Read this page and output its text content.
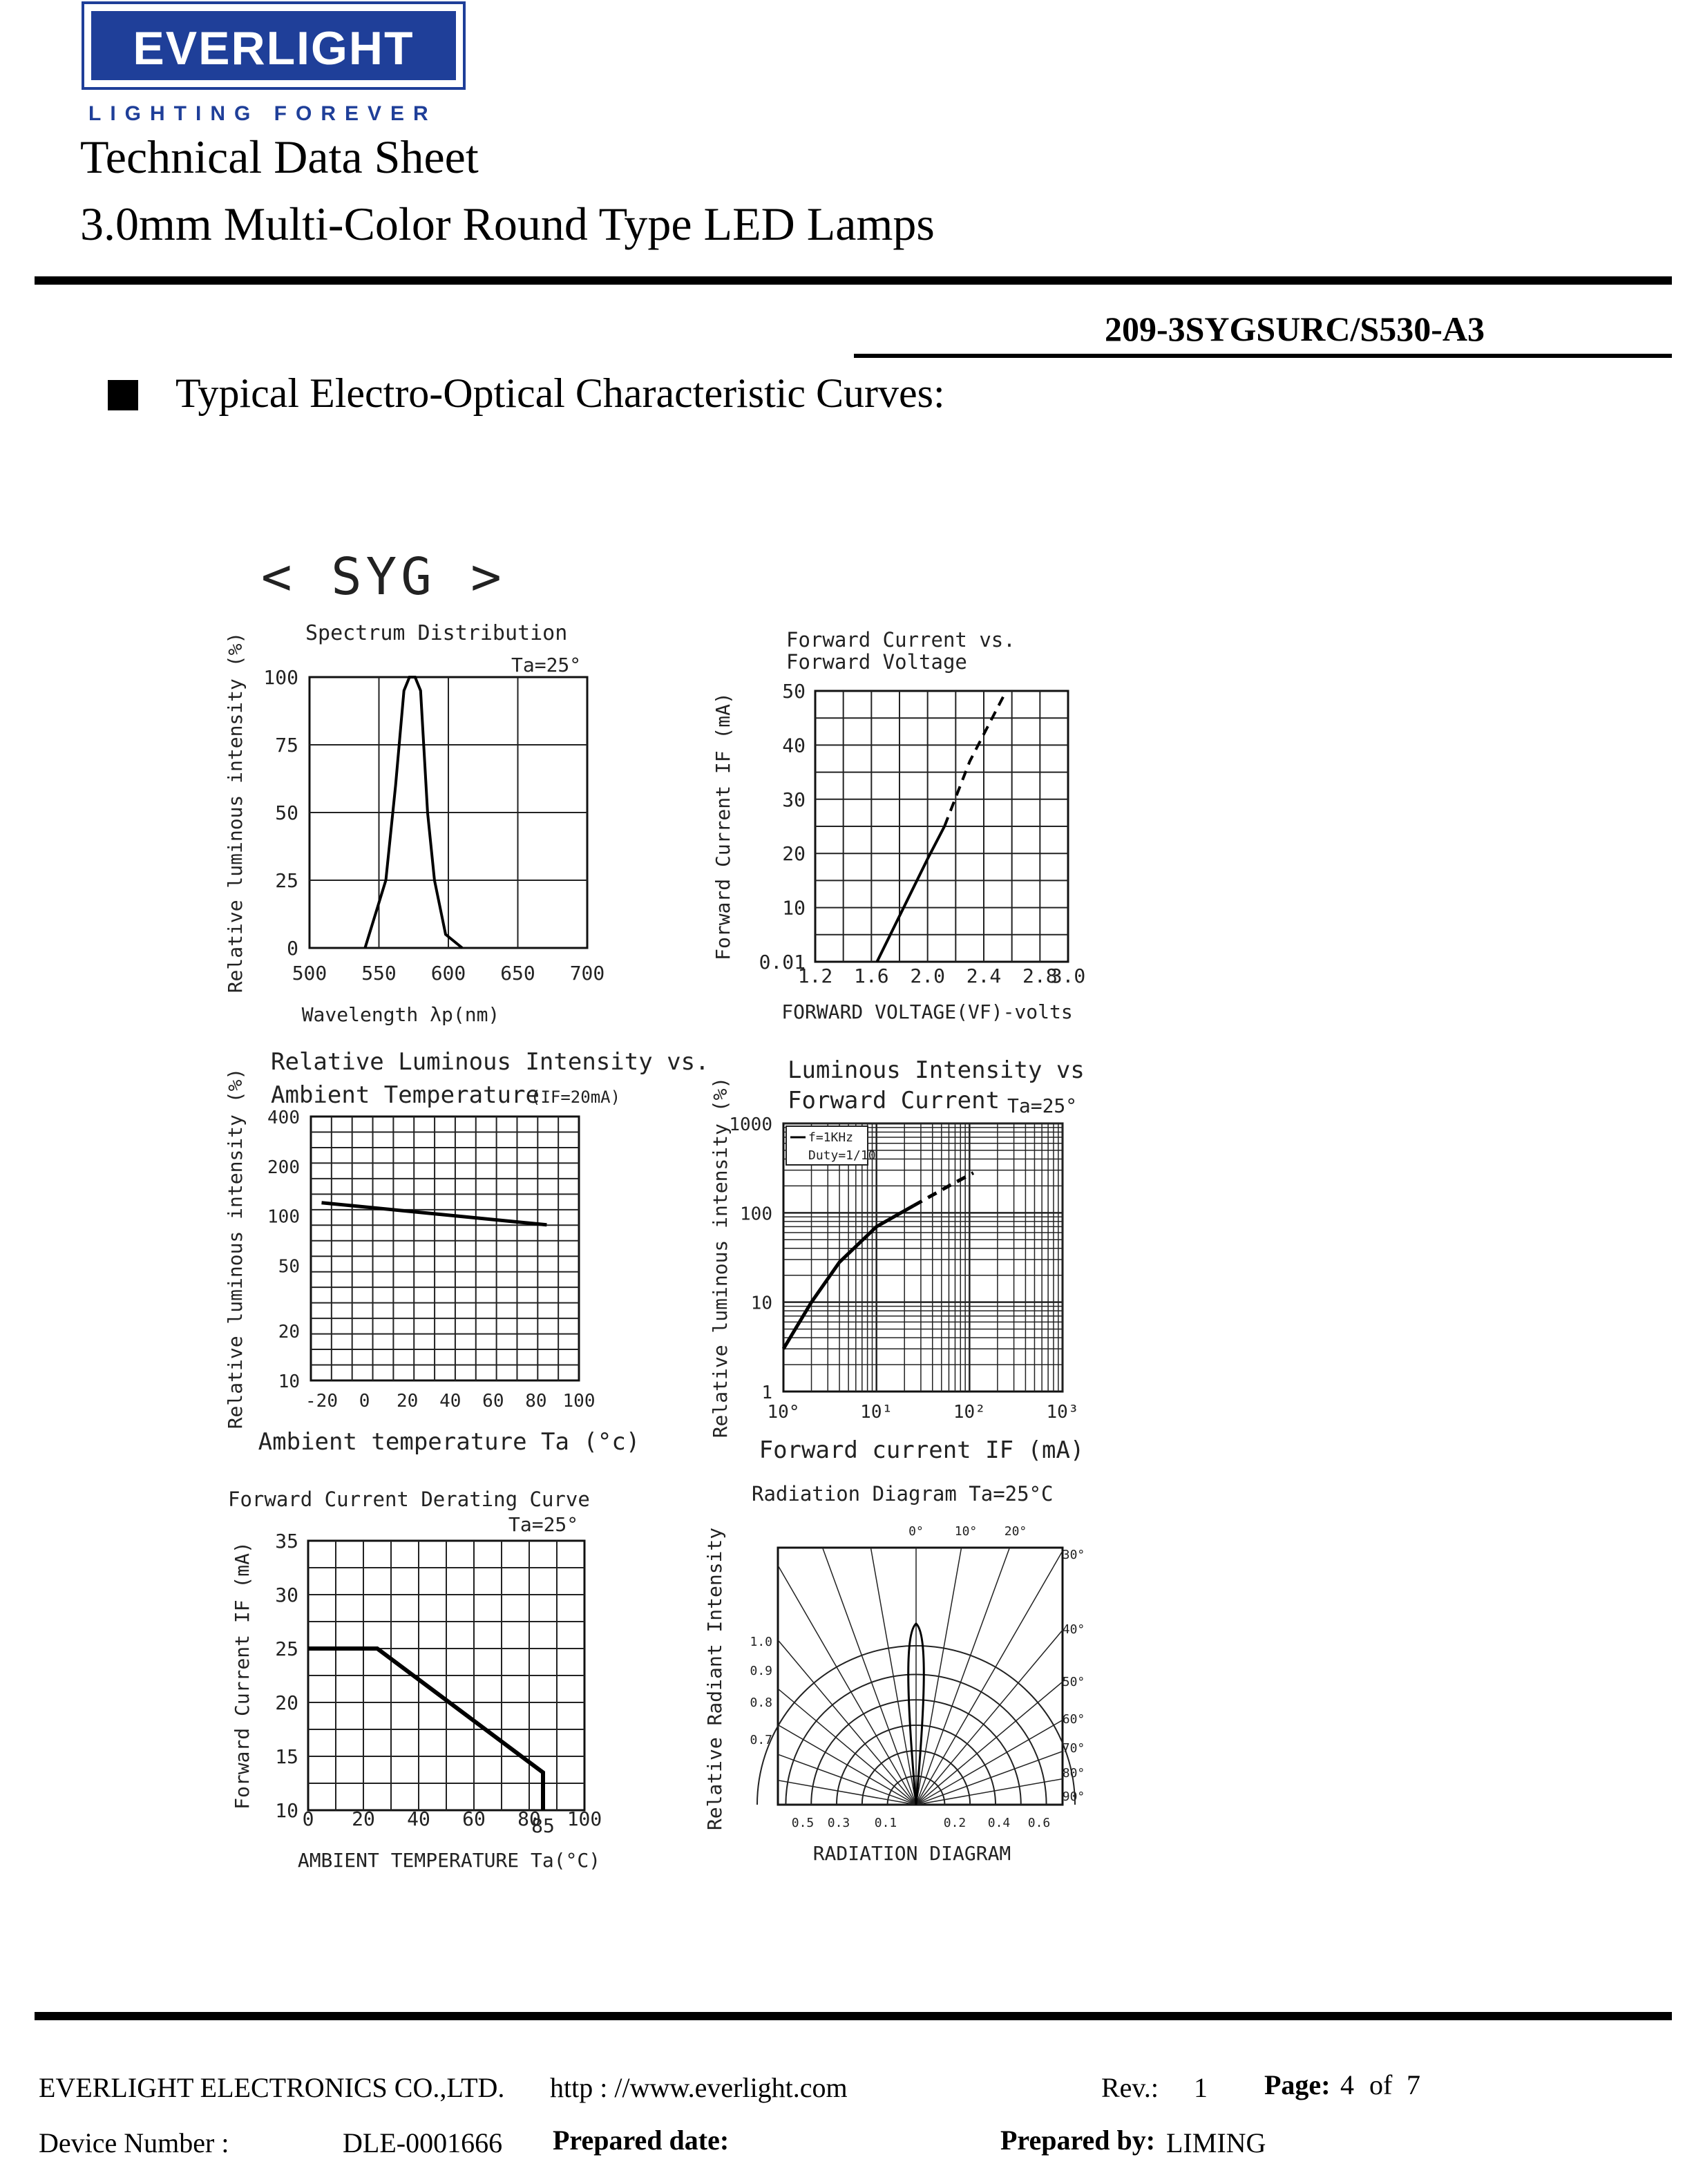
EVERLIGHT
LIGHTING FOREVER
Technical Data Sheet
3.0mm Multi-Color Round Type LED Lamps
209-3SYGSURC/S530-A3
Typical Electro-Optical Characteristic Curves:
< SYG >
Spectrum Distribution
Ta=25°
0
25
50
75
100
500 550 600 650 700
Wavelength λp(nm)
Relative luminous intensity (%)	Forward Current vs.
Forward Voltage
0.01
10
20
30
40
50
1.2 1.6 2.0 2.4 2.8
3.0
FORWARD VOLTAGE(VF)-volts
Forward Current IF (mA)
Relative Luminous Intensity vs.
Ambient Temperature
(IF=20mA)
10
20
50
100
200
400
-20 0 20 40 60 80 100
Ambient temperature Ta (°c)
Relative luminous intensity (%)	Luminous Intensity vs
Forward Current Ta=25°
1
10
100
1000
10°	10¹	10²	10³
Forward current IF (mA)
Relative luminous intensity (%)	f=1KHz
Duty=1/10
Forward Current Derating Curve
Ta=25°
10
15
20
25
30
35
0 20 40 60 80 100
85
AMBIENT TEMPERATURE Ta(°C)
Forward Current IF (mA)
Radiation Diagram Ta=25°C
0° 10° 20°
30°
40°
50°
60°
70°
80°
90°
1.0
0.9
0.8
0.7
0.5 0.3 0.1	0.2 0.4 0.6
RADIATION DIAGRAM
Relative Radiant Intensity
EVERLIGHT ELECTRONICS CO.,LTD. http : //www.everlight.com	Rev.: 1 Page: 4 of 7
Device Number :	DLE-0001666 Prepared date:	Prepared by: LIMING
